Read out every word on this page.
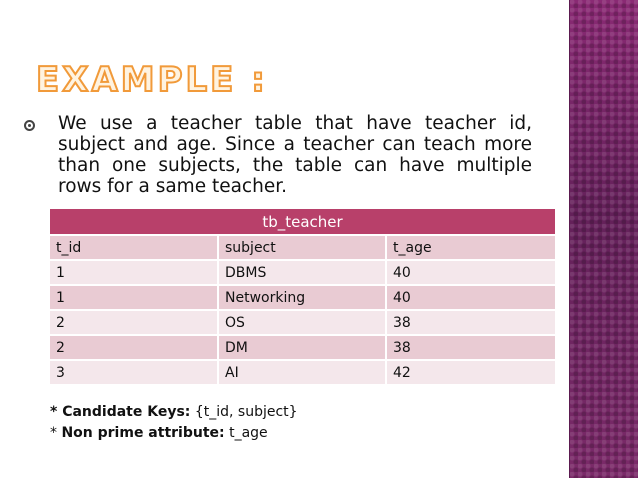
EXAMPLE :
We use a teacher table that have teacher id, subject and age. Since a teacher can teach more than one subjects, the table can have multiple rows for a same teacher.
tb_teacher		
t_id	subject	t_age
1	DBMS	40
1	Networking	40
2	OS	38
2	DM	38
3	AI	42
* Candidate Keys: {t_id, subject}
* Non prime attribute: t_age
